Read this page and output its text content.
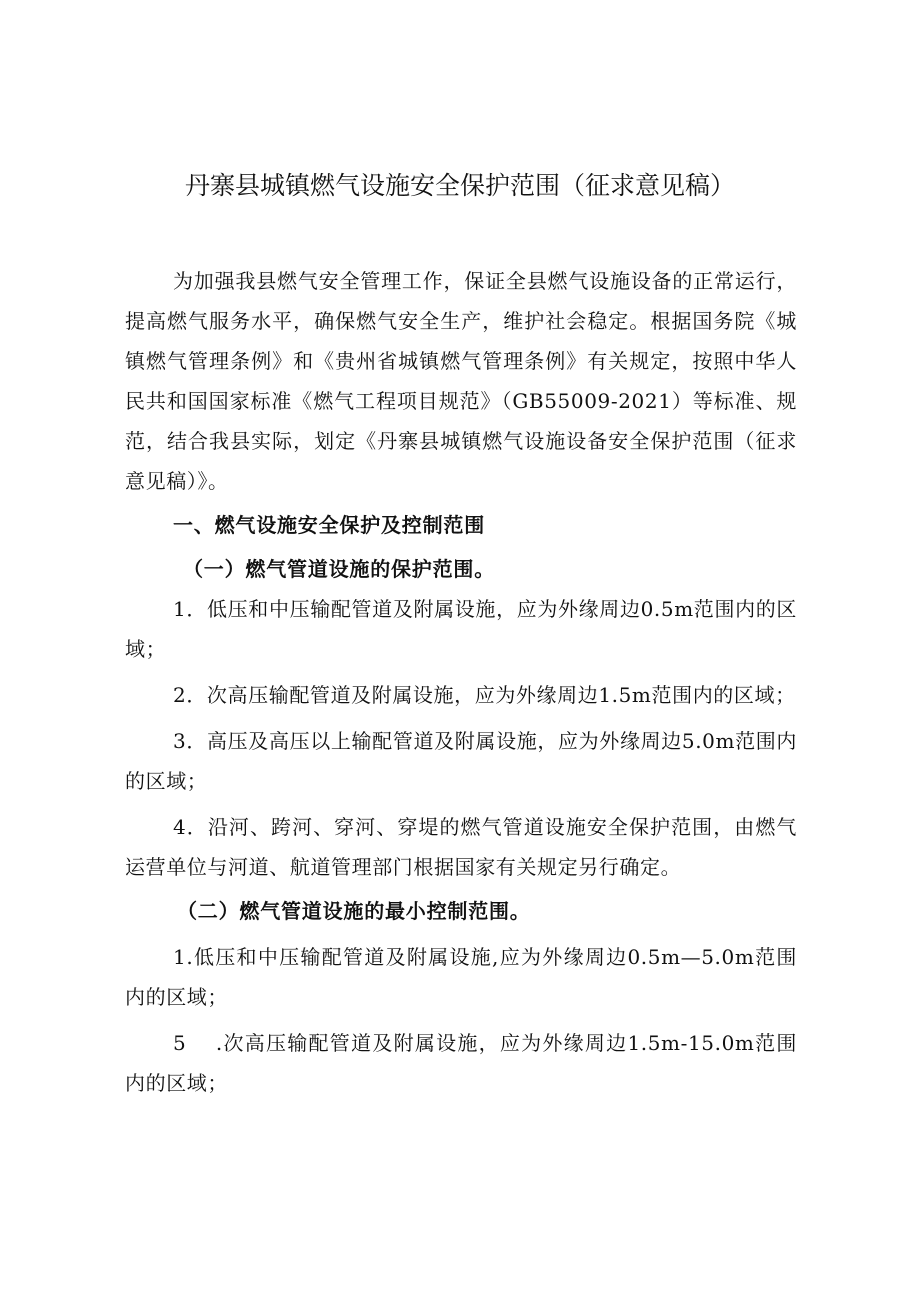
丹寨县城镇燃气设施安全保护范围（征求意见稿）

为加强我县燃气安全管理工作，保证全县燃气设施设备的正常运行，提高燃气服务水平，确保燃气安全生产，维护社会稳定。根据国务院《城镇燃气管理条例》和《贵州省城镇燃气管理条例》有关规定，按照中华人民共和国国家标准《燃气工程项目规范》（GB55009-2021）等标准、规范，结合我县实际，划定《丹寨县城镇燃气设施设备安全保护范围（征求意见稿）》。

一、燃气设施安全保护及控制范围
（一）燃气管道设施的保护范围。

1．低压和中压输配管道及附属设施，应为外缘周边0.5m范围内的区域；

2．次高压输配管道及附属设施，应为外缘周边1.5m范围内的区域；

3．高压及高压以上输配管道及附属设施，应为外缘周边5.0m范围内的区域；

4．沿河、跨河、穿河、穿堤的燃气管道设施安全保护范围，由燃气运营单位与河道、航道管理部门根据国家有关规定另行确定。

（二）燃气管道设施的最小控制范围。

1.低压和中压输配管道及附属设施,应为外缘周边0.5m—5.0m范围内的区域；

5　 .次高压输配管道及附属设施，应为外缘周边1.5m-15.0m范围内的区域；
